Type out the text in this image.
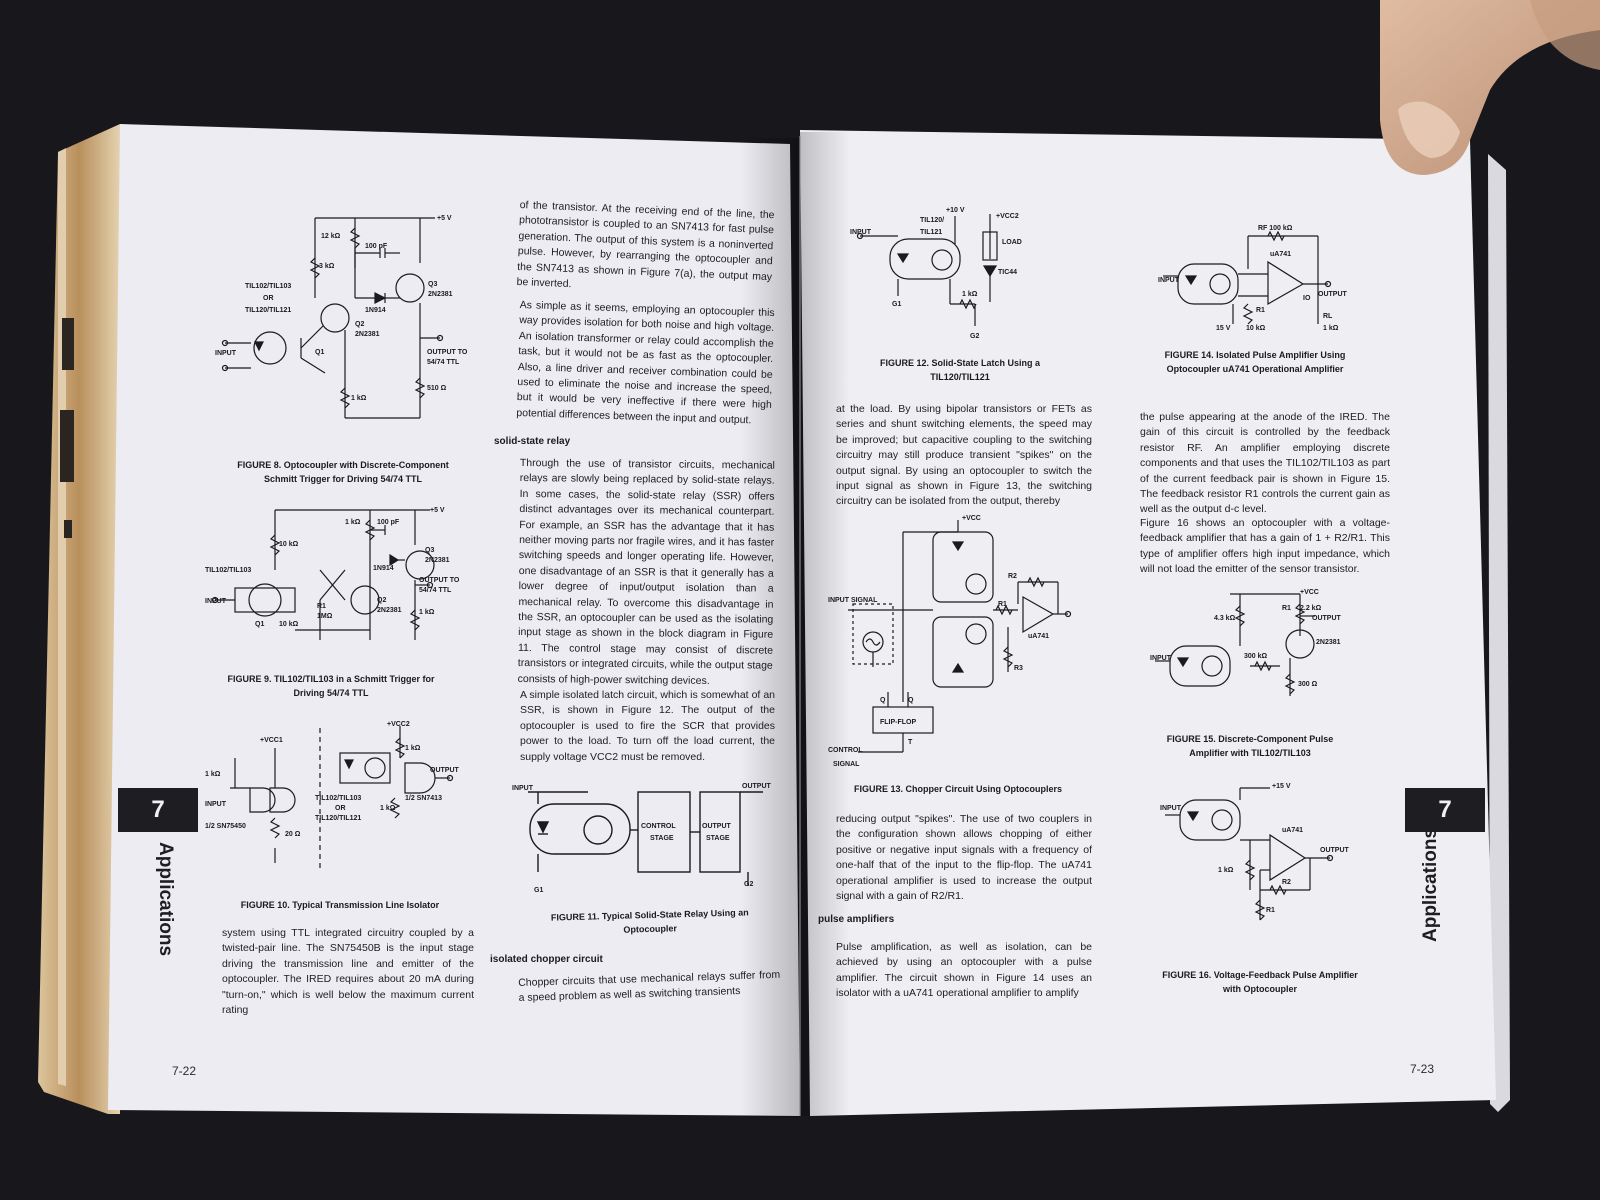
+5 V
12 kΩ
100 pF
3 kΩ
TIL102/TIL103
OR
TIL120/TIL121	1N914
Q3
2N2381
Q2
2N2381
INPUT	Q1	OUTPUT TO
54/74 TTL
510 Ω
1 kΩ
FIGURE 8. Optocoupler with Discrete-Component Schmitt Trigger for Driving 54/74 TTL
+5 V
1 kΩ 100 pF
10 kΩ
1N914
Q3
2N2381
TIL102/TIL103
INPUT
OUTPUT TO
54/74 TTL
Q2
2N2381 1 kΩ
R1
1MΩ
Q1 10 kΩ
FIGURE 9. TIL102/TIL103 in a Schmitt Trigger for Driving 54/74 TTL
+VCC2
+VCC1
1 kΩ
1 kΩ
INPUT
1/2 SN75450
20 Ω
TIL102/TIL103
OR
TIL120/TIL121
1 kΩ
OUTPUT
1/2 SN7413
FIGURE 10. Typical Transmission Line Isolator

system using TTL integrated circuitry coupled by a twisted-pair line. The SN75450B is the input stage driving the transmission line and emitter of the optocoupler. The IRED requires about 20 mA during "turn-on," which is well below the maximum current rating

of the transistor. At the receiving end of the line, the phototransistor is coupled to an SN7413 for fast pulse generation. The output of this system is a noninverted pulse. However, by rearranging the optocoupler and the SN7413 as shown in Figure 7(a), the output may be inverted.

As simple as it seems, employing an optocoupler this way provides isolation for both noise and high voltage. An isolation transformer or relay could accomplish the task, but it would not be as fast as the optocoupler. Also, a line driver and receiver combination could be used to eliminate the noise and increase the speed, but it would be very ineffective if there were high potential differences between the input and output.

solid-state relay

Through the use of transistor circuits, mechanical relays are slowly being replaced by solid-state relays. In some cases, the solid-state relay (SSR) offers distinct advantages over its mechanical counterpart. For example, an SSR has the advantage that it has neither moving parts nor fragile wires, and it has faster switching speeds and longer operating life. However, one disadvantage of an SSR is that it generally has a lower degree of input/output isolation than a mechanical relay. To overcome this disadvantage in the SSR, an optocoupler can be used as the isolating input stage as shown in the block diagram in Figure 11. The control stage may consist of discrete transistors or integrated circuits, while the output stage consists of high-power switching devices.

A simple isolated latch circuit, which is somewhat of an SSR, is shown in Figure 12. The output of the optocoupler is used to fire the SCR that provides power to the load. To turn off the load current, the supply voltage VCC2 must be removed.

INPUT	OUTPUT
CONTROL
STAGE
OUTPUT
STAGE
G1
G2
FIGURE 11. Typical Solid-State Relay Using an Optocoupler
isolated chopper circuit

Chopper circuits that use mechanical relays suffer from a speed problem as well as switching transients

7
Applications
7-22
+10 V
+VCC2
TIL120/
TIL121
INPUT
LOAD
TIC44
G1
1 kΩ
G2
FIGURE 12. Solid-State Latch Using a TIL120/TIL121

at the load. By using bipolar transistors or FETs as series and shunt switching elements, the speed may be improved; but capacitive coupling to the switching circuitry may still produce transient "spikes" on the output signal. By using an optocoupler to switch the input signal as shown in Figure 13, the switching circuitry can be isolated from the output, thereby

+VCC
R2
INPUT SIGNAL
R1
uA741
R3
Q	Q
FLIP-FLOP
T
CONTROL
SIGNAL
FIGURE 13. Chopper Circuit Using Optocouplers

reducing output "spikes". The use of two couplers in the configuration shown allows chopping of either positive or negative input signals with a frequency of one-half that of the input to the flip-flop. The uA741 operational amplifier is used to increase the output signal with a gain of R2/R1.

pulse amplifiers

Pulse amplification, as well as isolation, can be achieved by using an optocoupler with a pulse amplifier. The circuit shown in Figure 14 uses an isolator with a uA741 operational amplifier to amplify

RF 100 kΩ
uA741
INPUT
OUTPUT
IO
R1
15 V 10 kΩ
RL
1 kΩ
FIGURE 14. Isolated Pulse Amplifier Using Optocoupler uA741 Operational Amplifier

the pulse appearing at the anode of the IRED. The gain of this circuit is controlled by the feedback resistor RF. An amplifier employing discrete components and that uses the TIL102/TIL103 as part of the current feedback pair is shown in Figure 15. The feedback resistor R1 controls the current gain as well as the output d-c level.

Figure 16 shows an optocoupler with a voltage-feedback amplifier that has a gain of 1 + R2/R1. This type of amplifier offers high input impedance, which will not load the emitter of the sensor transistor.

+VCC
R1 2.2 kΩ
OUTPUT
4.3 kΩ
2N2381
INPUT	300 kΩ
300 Ω
FIGURE 15. Discrete-Component Pulse Amplifier with TIL102/TIL103
+15 V
INPUT
uA741
OUTPUT
1 kΩ
R2
R1
FIGURE 16. Voltage-Feedback Pulse Amplifier with Optocoupler
7
Applications
7-23
